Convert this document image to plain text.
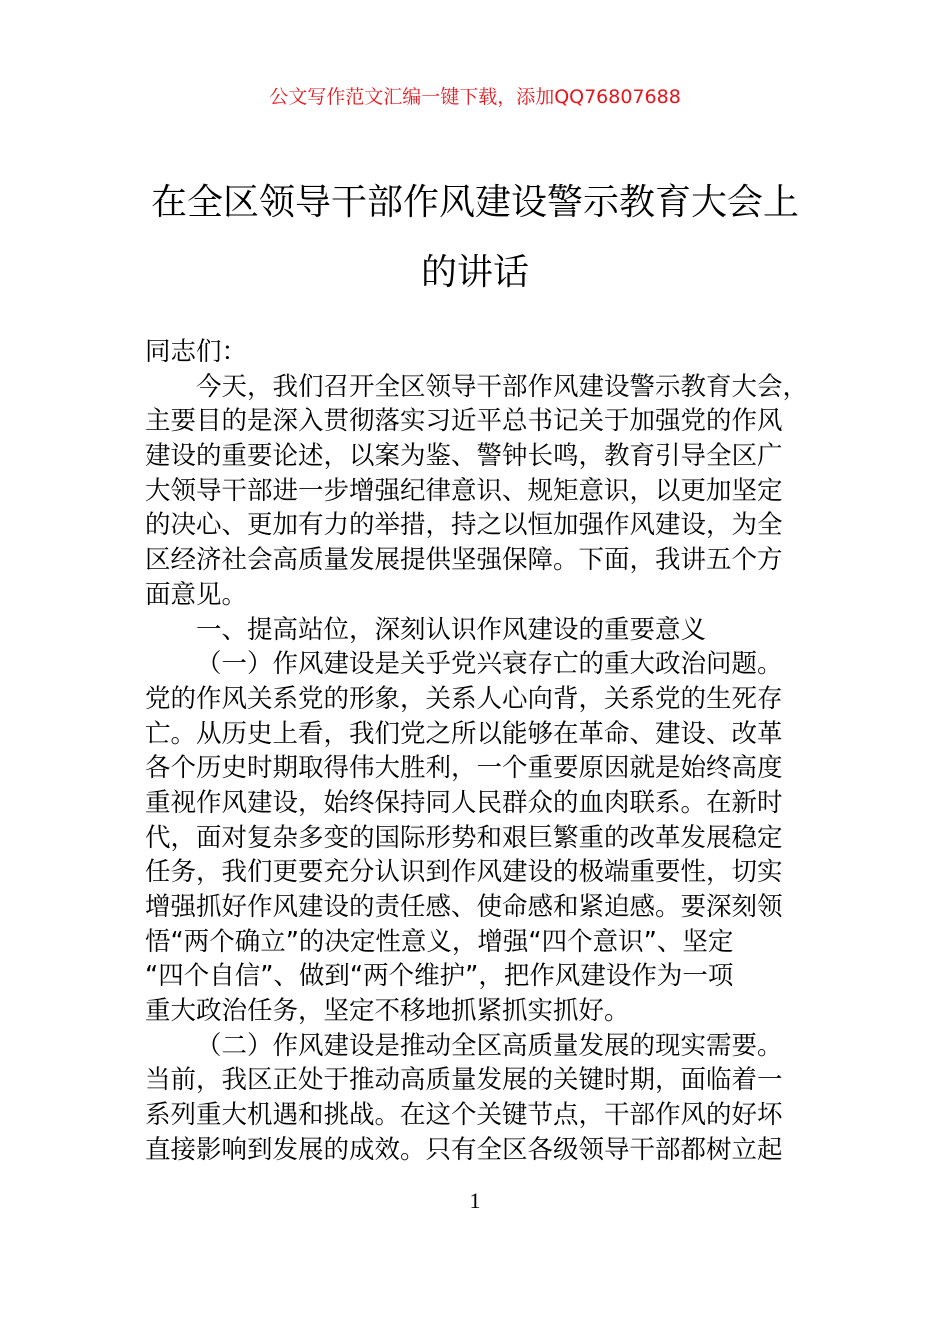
公文写作范文汇编一键下载，添加QQ76807688
在全区领导干部作风建设警示教育大会上
的讲话
同志们：
今天，我们召开全区领导干部作风建设警示教育大会，
主要目的是深入贯彻落实习近平总书记关于加强党的作风
建设的重要论述，以案为鉴、警钟长鸣，教育引导全区广
大领导干部进一步增强纪律意识、规矩意识，以更加坚定
的决心、更加有力的举措，持之以恒加强作风建设，为全
区经济社会高质量发展提供坚强保障。下面，我讲五个方
面意见。
一、提高站位，深刻认识作风建设的重要意义
（一）作风建设是关乎党兴衰存亡的重大政治问题。
党的作风关系党的形象，关系人心向背，关系党的生死存
亡。从历史上看，我们党之所以能够在革命、建设、改革
各个历史时期取得伟大胜利，一个重要原因就是始终高度
重视作风建设，始终保持同人民群众的血肉联系。在新时
代，面对复杂多变的国际形势和艰巨繁重的改革发展稳定
任务，我们更要充分认识到作风建设的极端重要性，切实
增强抓好作风建设的责任感、使命感和紧迫感。要深刻领
悟“两个确立”的决定性意义，增强“四个意识”、坚定
“四个自信”、做到“两个维护”，把作风建设作为一项
重大政治任务，坚定不移地抓紧抓实抓好。
（二）作风建设是推动全区高质量发展的现实需要。
当前，我区正处于推动高质量发展的关键时期，面临着一
系列重大机遇和挑战。在这个关键节点，干部作风的好坏
直接影响到发展的成效。只有全区各级领导干部都树立起
1
